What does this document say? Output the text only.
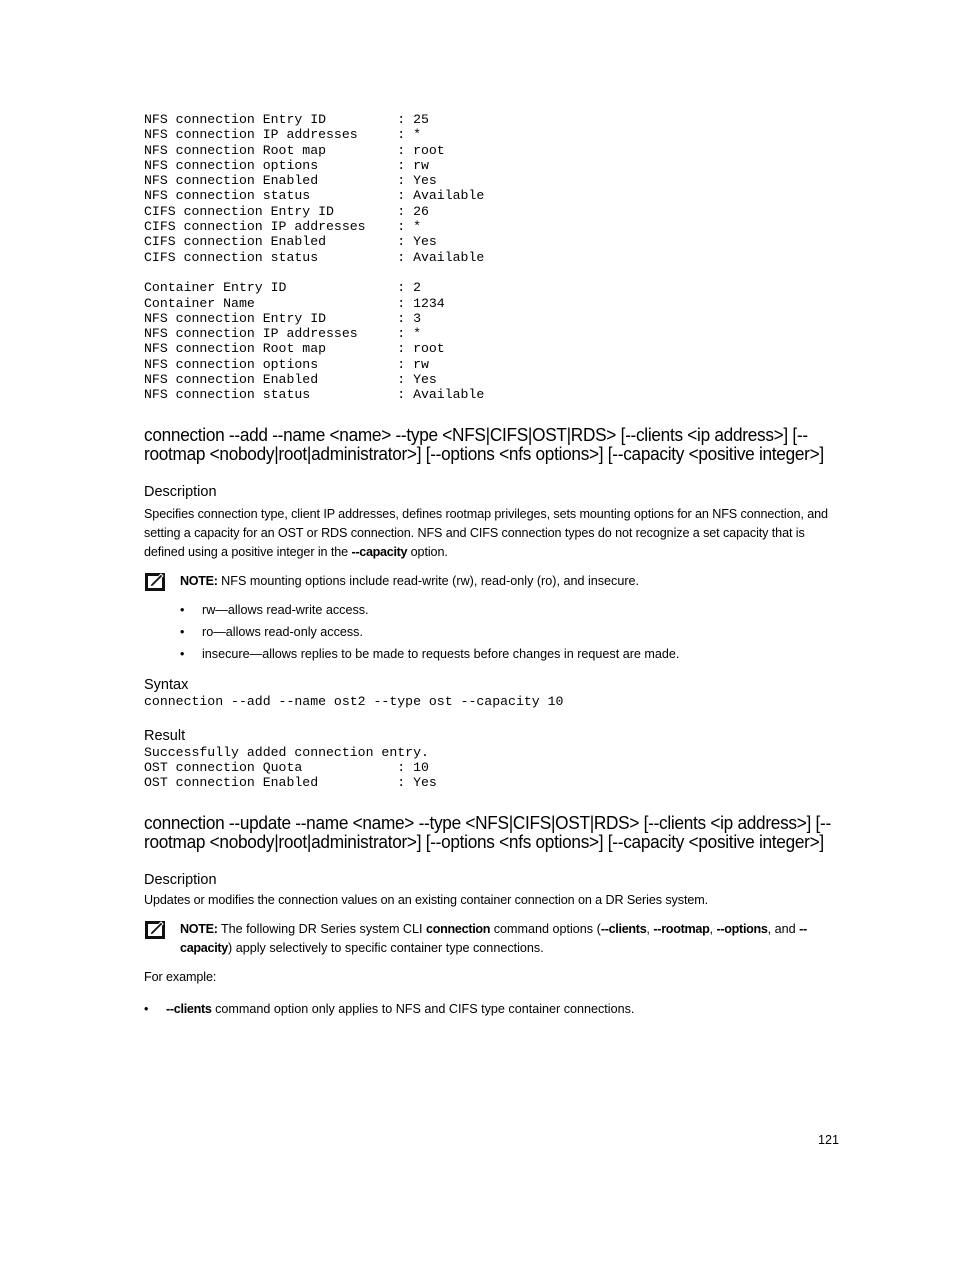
NFS connection Entry ID         : 25
NFS connection IP addresses     : *
NFS connection Root map         : root
NFS connection options          : rw
NFS connection Enabled          : Yes
NFS connection status           : Available
CIFS connection Entry ID        : 26
CIFS connection IP addresses    : *
CIFS connection Enabled         : Yes
CIFS connection status          : Available

Container Entry ID              : 2
Container Name                  : 1234
NFS connection Entry ID         : 3
NFS connection IP addresses     : *
NFS connection Root map         : root
NFS connection options          : rw
NFS connection Enabled          : Yes
NFS connection status           : Available
connection --add --name <name> --type <NFS|CIFS|OST|RDS> [--clients <ip address>] [--rootmap <nobody|root|administrator>] [--options <nfs options>] [--capacity <positive integer>]
Description

Specifies connection type, client IP addresses, defines rootmap privileges, sets mounting options for an NFS connection, and setting a capacity for an OST or RDS connection. NFS and CIFS connection types do not recognize a set capacity that is defined using a positive integer in the --capacity option.

NOTE: NFS mounting options include read-write (rw), read-only (ro), and insecure.
• rw—allows read-write access.
• ro—allows read-only access.
• insecure—allows replies to be made to requests before changes in request are made.
Syntax
connection --add --name ost2 --type ost --capacity 10
Result
Successfully added connection entry.
OST connection Quota            : 10
OST connection Enabled          : Yes
connection --update --name <name> --type <NFS|CIFS|OST|RDS> [--clients <ip address>] [--rootmap <nobody|root|administrator>] [--options <nfs options>] [--capacity <positive integer>]
Description

Updates or modifies the connection values on an existing container connection on a DR Series system.

NOTE: The following DR Series system CLI connection command options (--clients, --rootmap, --options, and --capacity) apply selectively to specific container type connections.

For example:

• --clients command option only applies to NFS and CIFS type container connections.
121
